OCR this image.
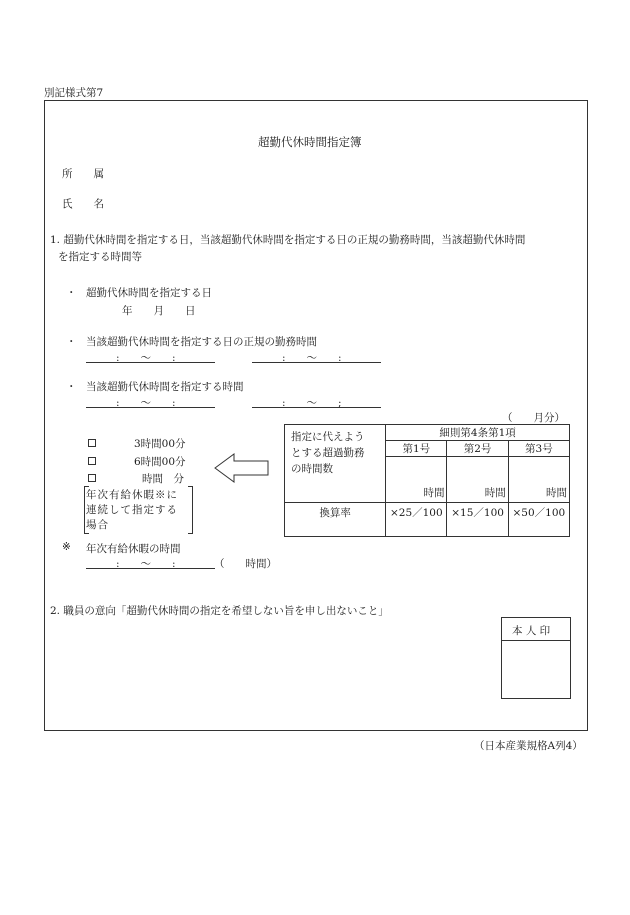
別記様式第7
超勤代休時間指定簿
所　　属
氏　　名
1. 超勤代休時間を指定する日，当該超勤代休時間を指定する日の正規の勤務時間，当該超勤代休時間
を指定する時間等
・ 超勤代休時間を指定する日
年　　月　　日
・ 当該超勤代休時間を指定する日の正規の勤務時間
:　　〜　　:	:　　〜　　:
・ 当該超勤代休時間を指定する時間
:　　〜　　:	:　　〜　　;
（　　月分）
3時間00分
6時間00分
時間　分
年次有給休暇※に
連続して指定する
場合
指定に代えよう
とする超過勤務
の時間数	細則第4条第1項		
	第1号	第2号	第3号
	時間	時間	時間
換算率	×25／100	×15／100	×50／100
※ 年次有給休暇の時間
:　　〜　　:	（　　時間）
2. 職員の意向「超勤代休時間の指定を希望しない旨を申し出ないこと」
本 人 印
（日本産業規格A列4）
